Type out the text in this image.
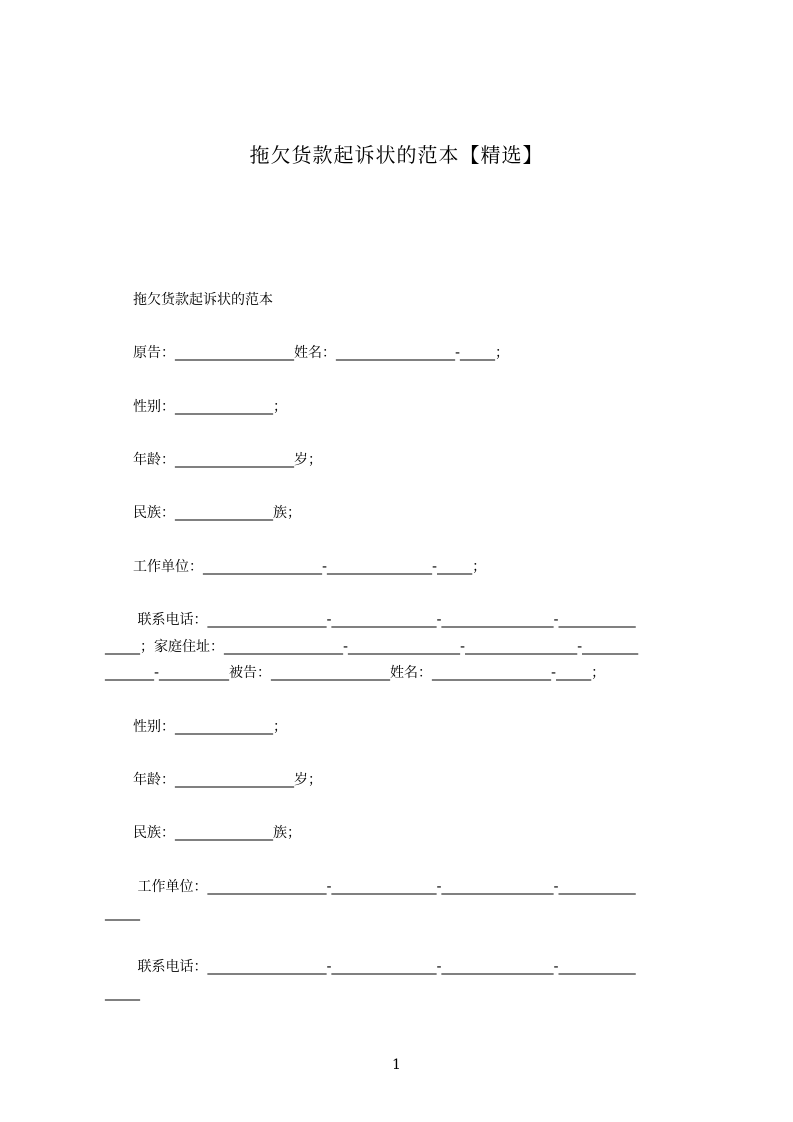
拖欠货款起诉状的范本【精选】
　　拖欠货款起诉状的范本
　　原告：_________________姓名：_________________-_____；
　　性别：______________；
　　年龄：_________________岁；
　　民族：______________族；
　　工作单位：_________________-_______________-_____；
　　 联系电话：_________________-_______________-________________-___________
_____；家庭住址：_________________-________________-________________-________
_______-__________被告：_________________姓名：_________________-_____；
　　性别：______________；
　　年龄：_________________岁；
　　民族：______________族；
　　 工作单位：_________________-_______________-________________-___________
_____
　　 联系电话：_________________-_______________-________________-___________
_____
1
